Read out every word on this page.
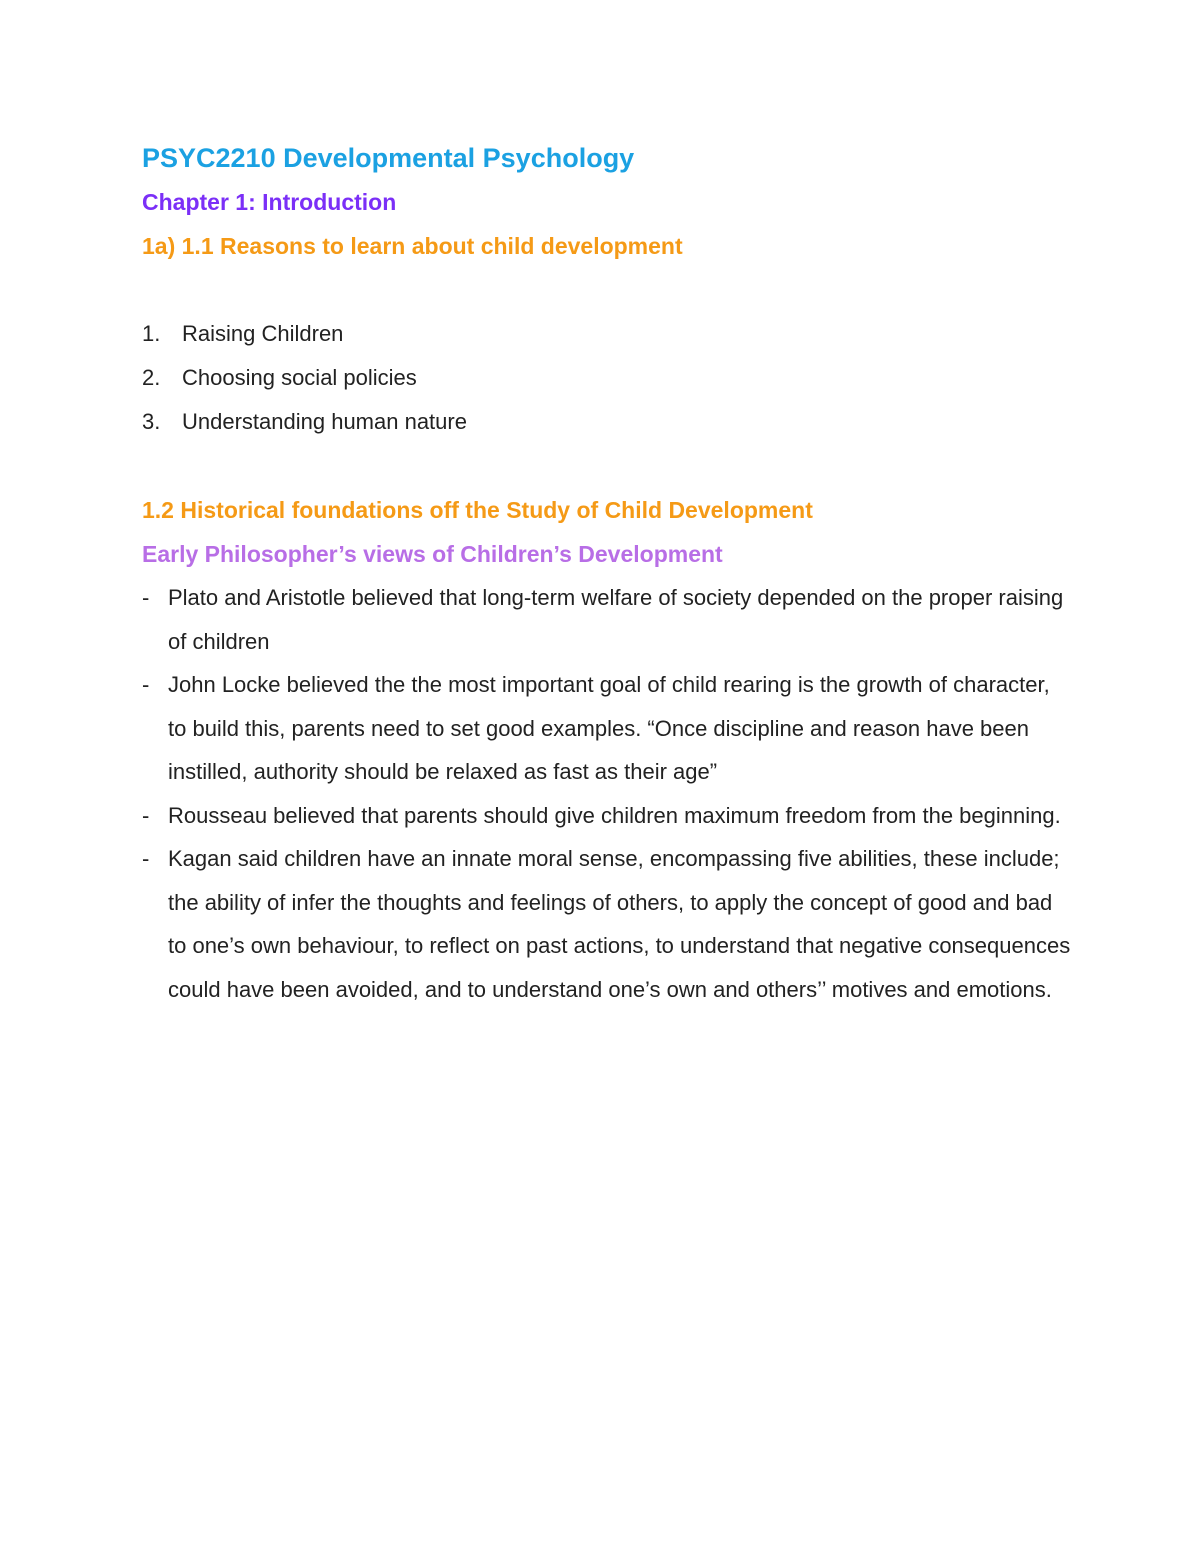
PSYC2210 Developmental Psychology
Chapter 1: Introduction
1a) 1.1 Reasons to learn about child development
1. Raising Children
2. Choosing social policies
3. Understanding human nature
1.2 Historical foundations off the Study of Child Development
Early Philosopher’s views of Children’s Development
- Plato and Aristotle believed that long-term welfare of society depended on the proper raising of children
- John Locke believed the the most important goal of child rearing is the growth of character, to build this, parents need to set good examples. “Once discipline and reason have been instilled, authority should be relaxed as fast as their age”
- Rousseau believed that parents should give children maximum freedom from the beginning.
- Kagan said children have an innate moral sense, encompassing five abilities, these include; the ability of infer the thoughts and feelings of others, to apply the concept of good and bad to one’s own behaviour, to reflect on past actions, to understand that negative consequences could have been avoided, and to understand one’s own and others’’ motives and emotions.
